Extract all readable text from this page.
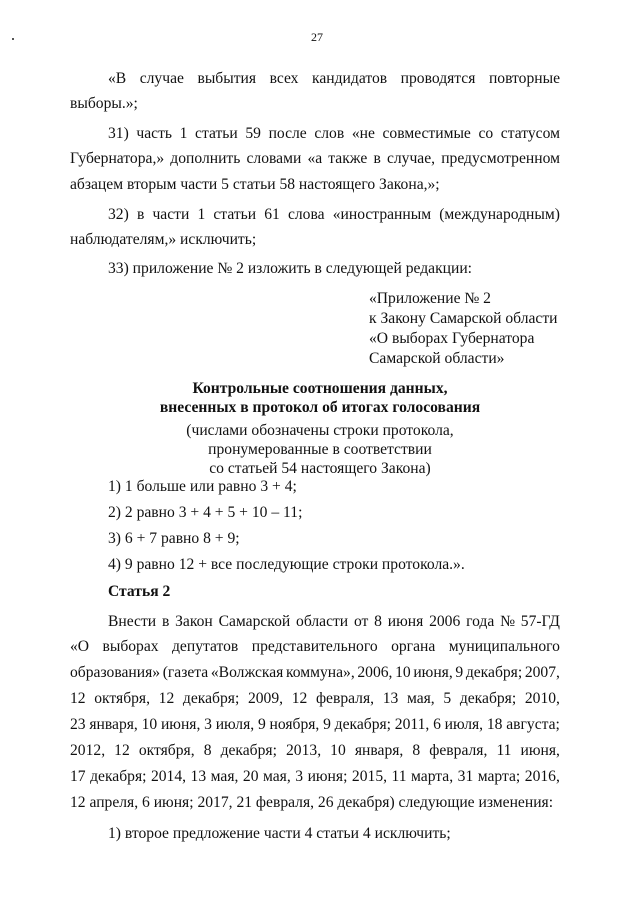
27
«В случае выбытия всех кандидатов проводятся повторные
выборы.»;
31) часть 1 статьи 59 после слов «не совместимые со статусом
Губернатора,» дополнить словами «а также в случае, предусмотренном
абзацем вторым части 5 статьи 58 настоящего Закона,»;
32) в части 1 статьи 61 слова «иностранным (международным)
наблюдателям,» исключить;
33) приложение № 2 изложить в следующей редакции:
«Приложение № 2
к Закону Самарской области
«О выборах Губернатора
Самарской области»
Контрольные соотношения данных,
внесенных в протокол об итогах голосования
(числами обозначены строки протокола,
пронумерованные в соответствии
со статьей 54 настоящего Закона)
1) 1 больше или равно 3 + 4;
2) 2 равно 3 + 4 + 5 + 10 – 11;
3) 6 + 7 равно 8 + 9;
4) 9 равно 12 + все последующие строки протокола.».
Статья 2
Внести в Закон Самарской области от 8 июня 2006 года № 57-ГД
«О выборах депутатов представительного органа муниципального
образования» (газета «Волжская коммуна», 2006, 10 июня, 9 декабря; 2007,
12 октября, 12 декабря; 2009, 12 февраля, 13 мая, 5 декабря; 2010,
23 января, 10 июня, 3 июля, 9 ноября, 9 декабря; 2011, 6 июля, 18 августа;
2012, 12 октября, 8 декабря; 2013, 10 января, 8 февраля, 11 июня,
17 декабря; 2014, 13 мая, 20 мая, 3 июня; 2015, 11 марта, 31 марта; 2016,
12 апреля, 6 июня; 2017, 21 февраля, 26 декабря) следующие изменения:
1) второе предложение части 4 статьи 4 исключить;
